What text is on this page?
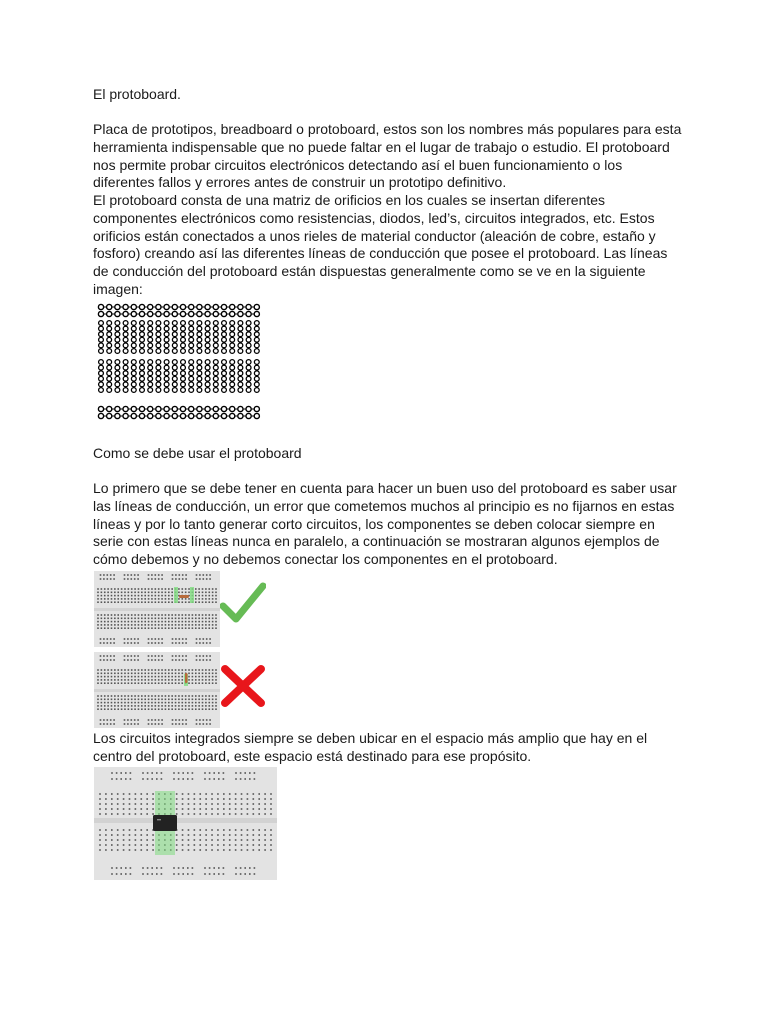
El protoboard.

Placa de prototipos, breadboard o protoboard, estos son los nombres más populares para esta herramienta indispensable que no puede faltar en el lugar de trabajo o estudio. El protoboard nos permite probar circuitos electrónicos detectando así el buen funcionamiento o los diferentes fallos y errores antes de construir un prototipo definitivo.

El protoboard consta de una matriz de orificios en los cuales se insertan diferentes componentes electrónicos como resistencias, diodos, led’s, circuitos integrados, etc. Estos orificios están conectados a unos rieles de material conductor (aleación de cobre, estaño y fosforo) creando así las diferentes líneas de conducción que posee el protoboard. Las líneas de conducción del protoboard están dispuestas generalmente como se ve en la siguiente imagen:

Como se debe usar el protoboard

Lo primero que se debe tener en cuenta para hacer un buen uso del protoboard es saber usar las líneas de conducción, un error que cometemos muchos al principio es no fijarnos en estas líneas y por lo tanto generar corto circuitos, los componentes se deben colocar siempre en serie con estas líneas nunca en paralelo, a continuación se mostraran algunos ejemplos de cómo debemos y no debemos conectar los componentes en el protoboard.

Los circuitos integrados siempre se deben ubicar en el espacio más amplio que hay en el centro del protoboard, este espacio está destinado para ese propósito.
